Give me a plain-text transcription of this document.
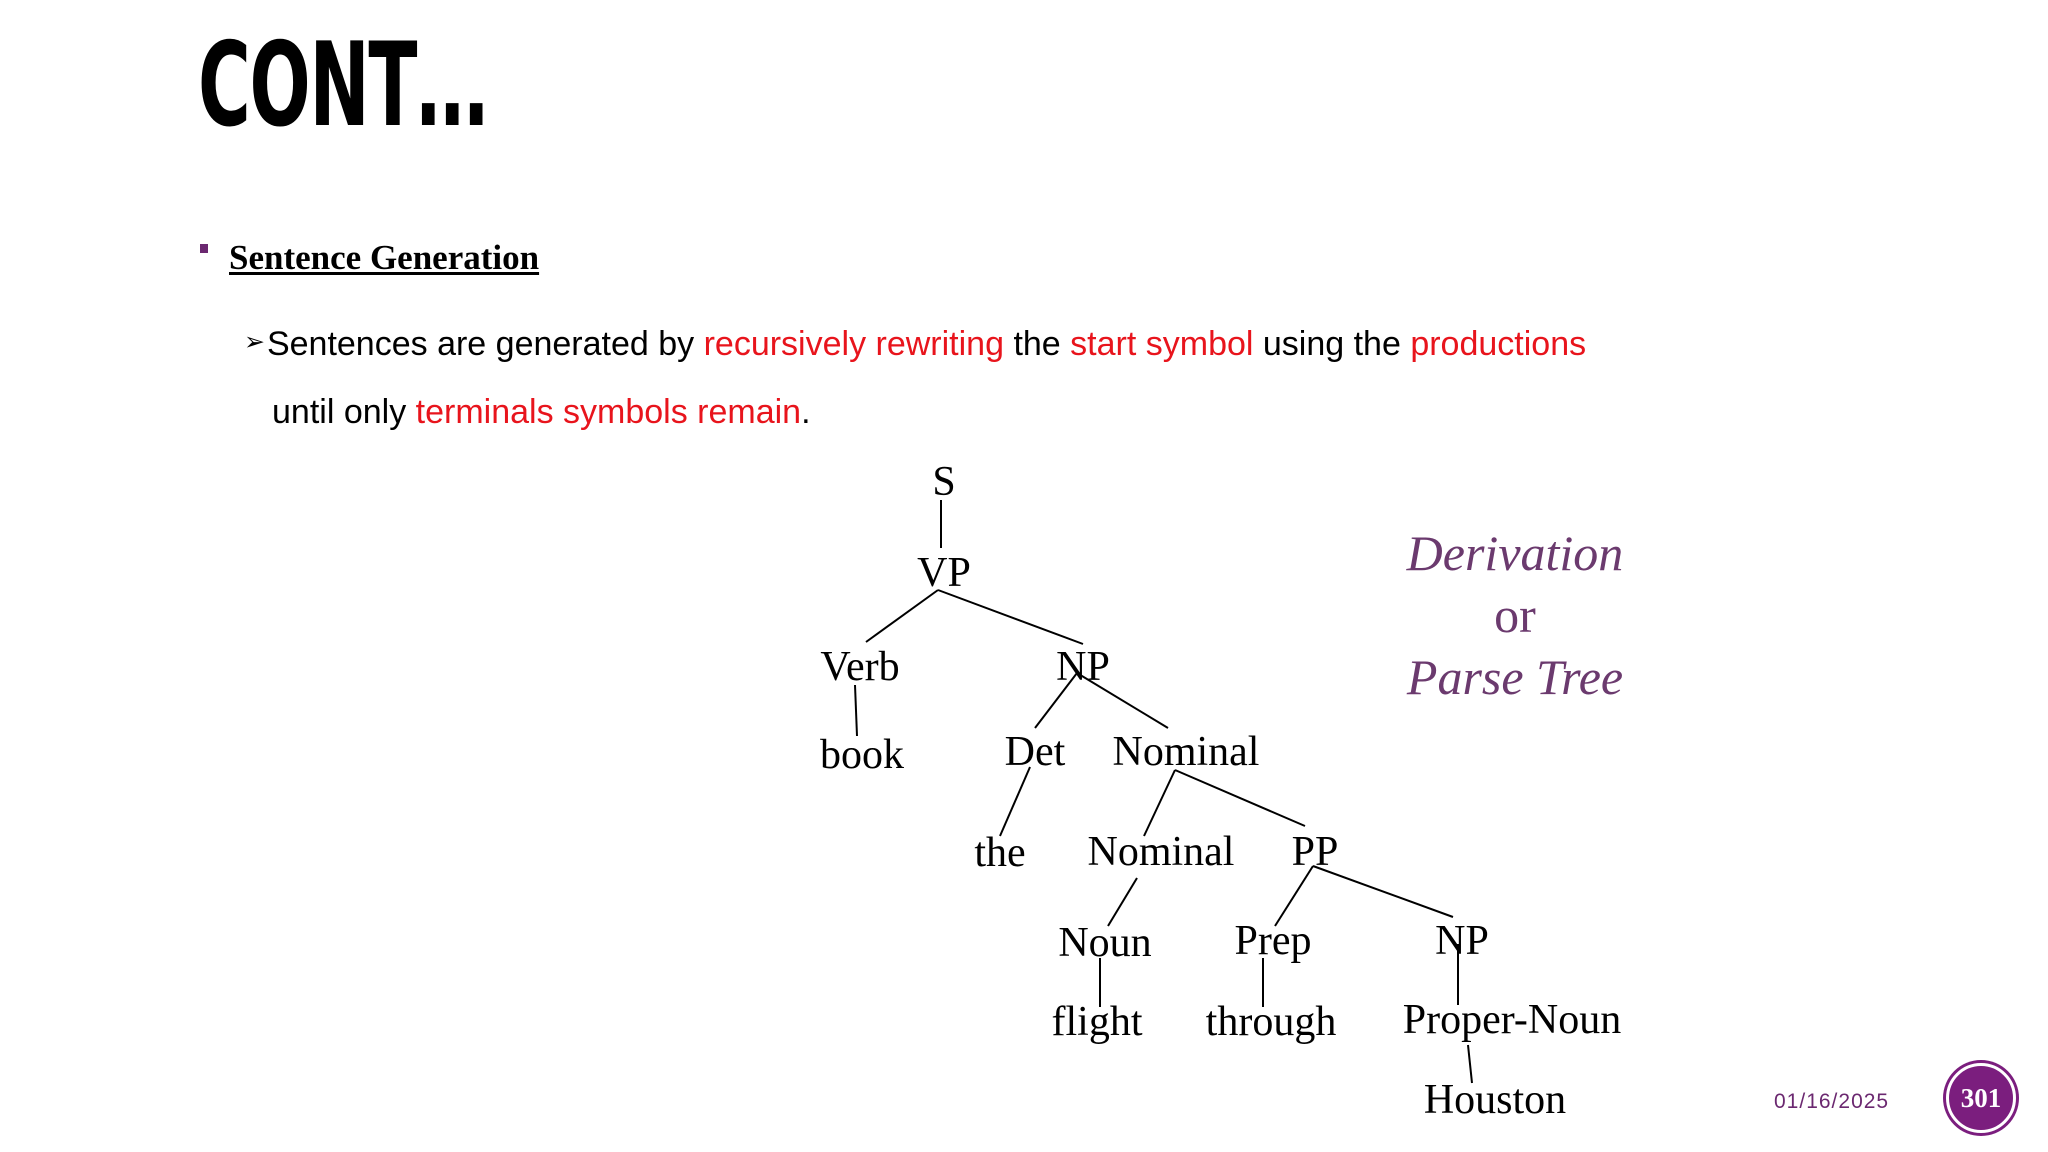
CONT…
Sentence Generation
➢Sentences are generated by recursively rewriting the start symbol using the productions
until only terminals symbols remain.
S
VP
Verb	NP
book Det Nominal
the Nominal PP
Noun Prep	NP
flight through Proper-Noun
Houston
Derivation
or
Parse Tree
01/16/2025	301
